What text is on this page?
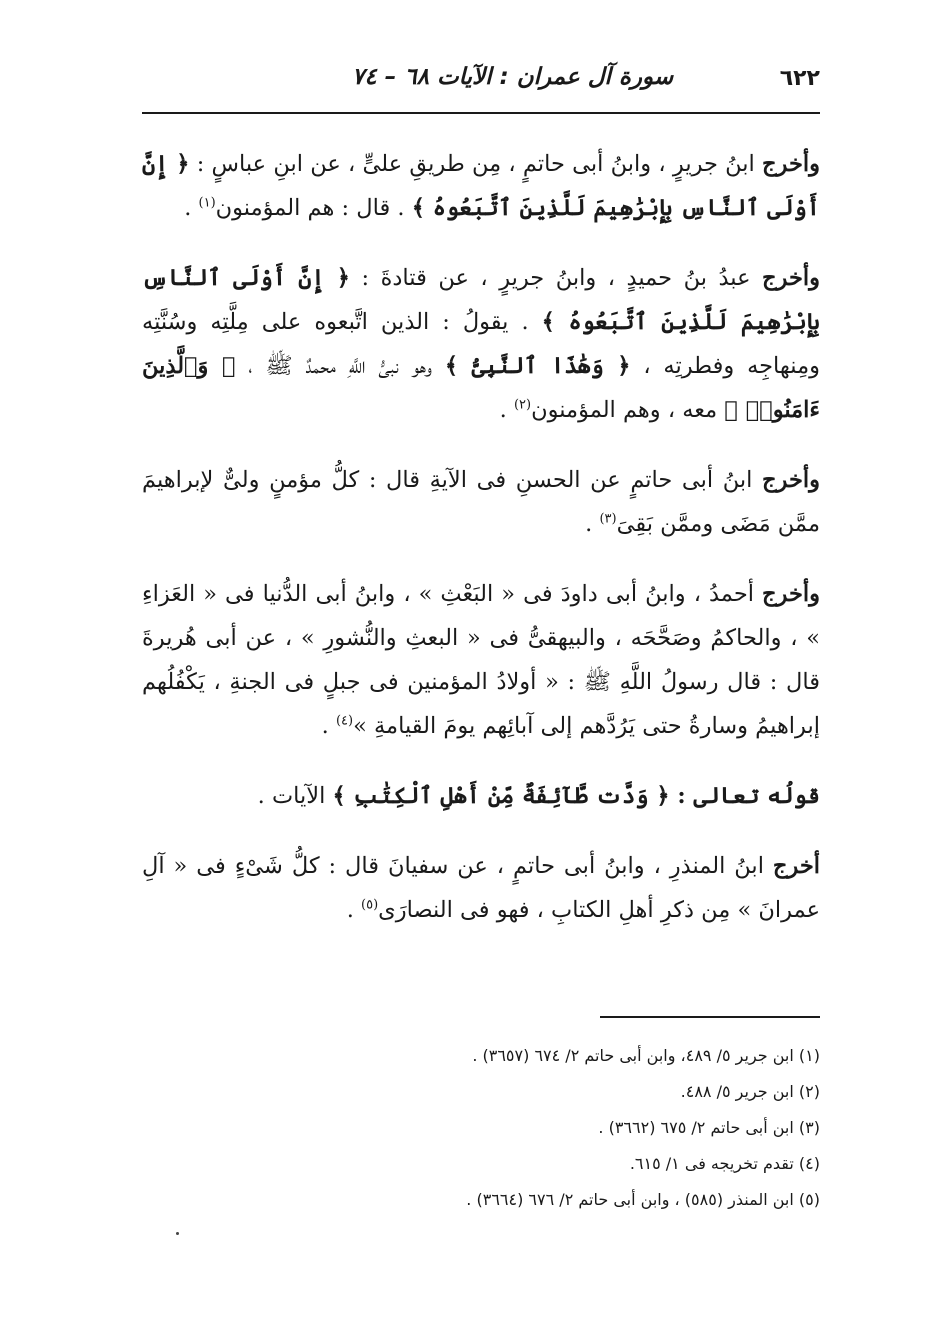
٦٢٢
سورة آل عمران : الآيات ٦٨ – ٧٤

وأخرج ابنُ جريرٍ ، وابنُ أبى حاتمٍ ، مِن طريقِ علىٍّ ، عن ابنِ عباسٍ : ﴿ إِنَّ أَوْلَى ٱلنَّاسِ بِإِبْرَٰهِيمَ لَلَّذِينَ ٱتَّبَعُوهُ ﴾ . قال : هم المؤمنون$^{(١)}$ .

وأخرج عبدُ بنُ حميدٍ ، وابنُ جريرٍ ، عن قتادةَ : ﴿ إِنَّ أَوْلَى ٱلنَّاسِ بِإِبْرَٰهِيمَ لَلَّذِينَ ٱتَّبَعُوهُ ﴾ . يقولُ : الذين اتَّبعوه على مِلَّتِه وسُنَّتِه ومِنهاجِه وفطرتِه ، ﴿ وَهَٰذَا ٱلنَّبِىُّ ﴾ وهو نبىُّ اللَّهِ محمدٌ ﷺ ، ﴿ وَٱلَّذِينَ ءَامَنُوا۟ ﴾ معه ، وهم المؤمنون$^{(٢)}$ .

وأخرج ابنُ أبى حاتمٍ عن الحسنِ فى الآيةِ قال : كلُّ مؤمنٍ ولىٌّ لإبراهيمَ ممَّن مَضَى وممَّن بَقِىَ$^{(٣)}$ .

وأخرج أحمدُ ، وابنُ أبى داودَ فى « البَعْثِ » ، وابنُ أبى الدُّنيا فى « العَزاءِ » ، والحاكمُ وصَحَّحَه ، والبيهقىُّ فى « البعثِ والنُّشورِ » ، عن أبى هُريرةَ قال : قال رسولُ اللَّهِ ﷺ : « أولادُ المؤمنين فى جبلٍ فى الجنةِ ، يَكْفُلُهم إبراهيمُ وسارةُ حتى يَرُدَّهم إلى آبائِهم يومَ القيامةِ »$^{(٤)}$ .

قولُه تعالى : ﴿ وَدَّت طَّآئِفَةٌ مِّنْ أَهْلِ ٱلْكِتَٰبِ ﴾ الآيات .

أخرج ابنُ المنذرِ ، وابنُ أبى حاتمٍ ، عن سفيانَ قال : كلُّ شَىْءٍ فى « آلِ عمرانَ » مِن ذكرِ أهلِ الكتابِ ، فهو فى النصارَى$^{(٥)}$ .

(١) ابن جرير ٥/ ٤٨٩، وابن أبى حاتم ٢/ ٦٧٤ (٣٦٥٧) .
(٢) ابن جرير ٥/ ٤٨٨.
(٣) ابن أبى حاتم ٢/ ٦٧٥ (٣٦٦٢) .
(٤) تقدم تخريجه فى ١/ ٦١٥.
(٥) ابن المنذر (٥٨٥) ، وابن أبى حاتم ٢/ ٦٧٦ (٣٦٦٤) .
